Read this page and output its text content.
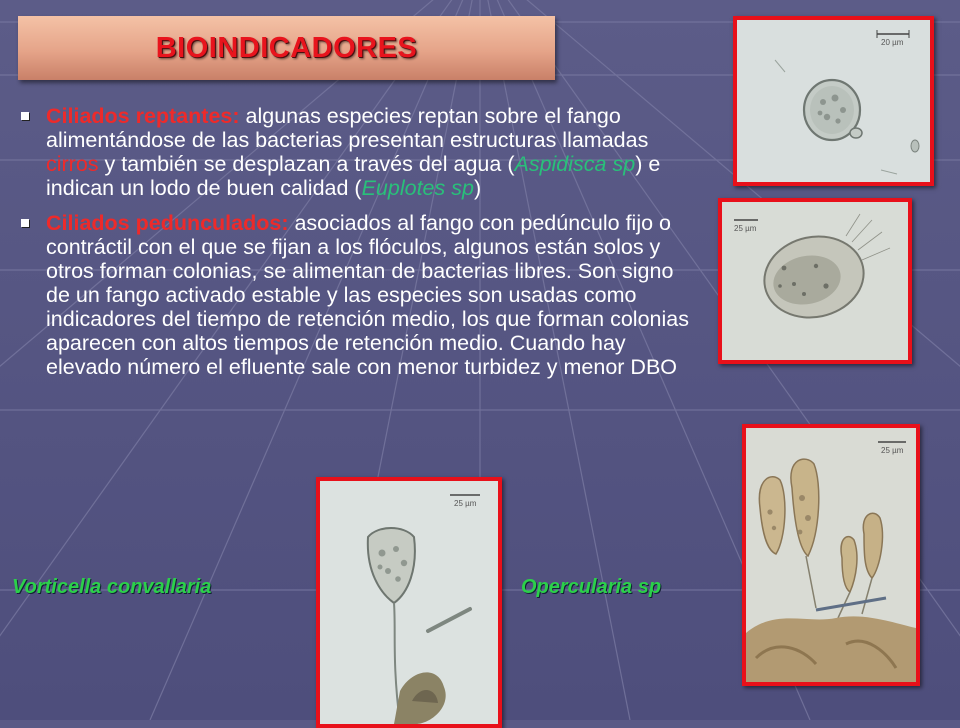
BIOINDICADORES

Ciliados reptantes: algunas especies reptan sobre el fango alimentándose de las bacterias presentan estructuras llamadas cirros y también se desplazan a través del agua (Aspidisca sp) e indican un lodo de buen calidad (Euplotes sp)

Ciliados pedunculados: asociados al fango con pedúnculo fijo o contráctil con el que se fijan a los flóculos, algunos están solos y otros forman colonias, se alimentan de bacterias libres. Son signo de un fango activado estable y las especies son usadas como indicadores del tiempo de retención medio, los que forman colonias aparecen con altos tiempos de retención medio. Cuando hay elevado número el efluente sale con menor turbidez y menor DBO

Vorticella convallaria	Opercularia sp
20 µm
25 µm
25 µm
25 µm
